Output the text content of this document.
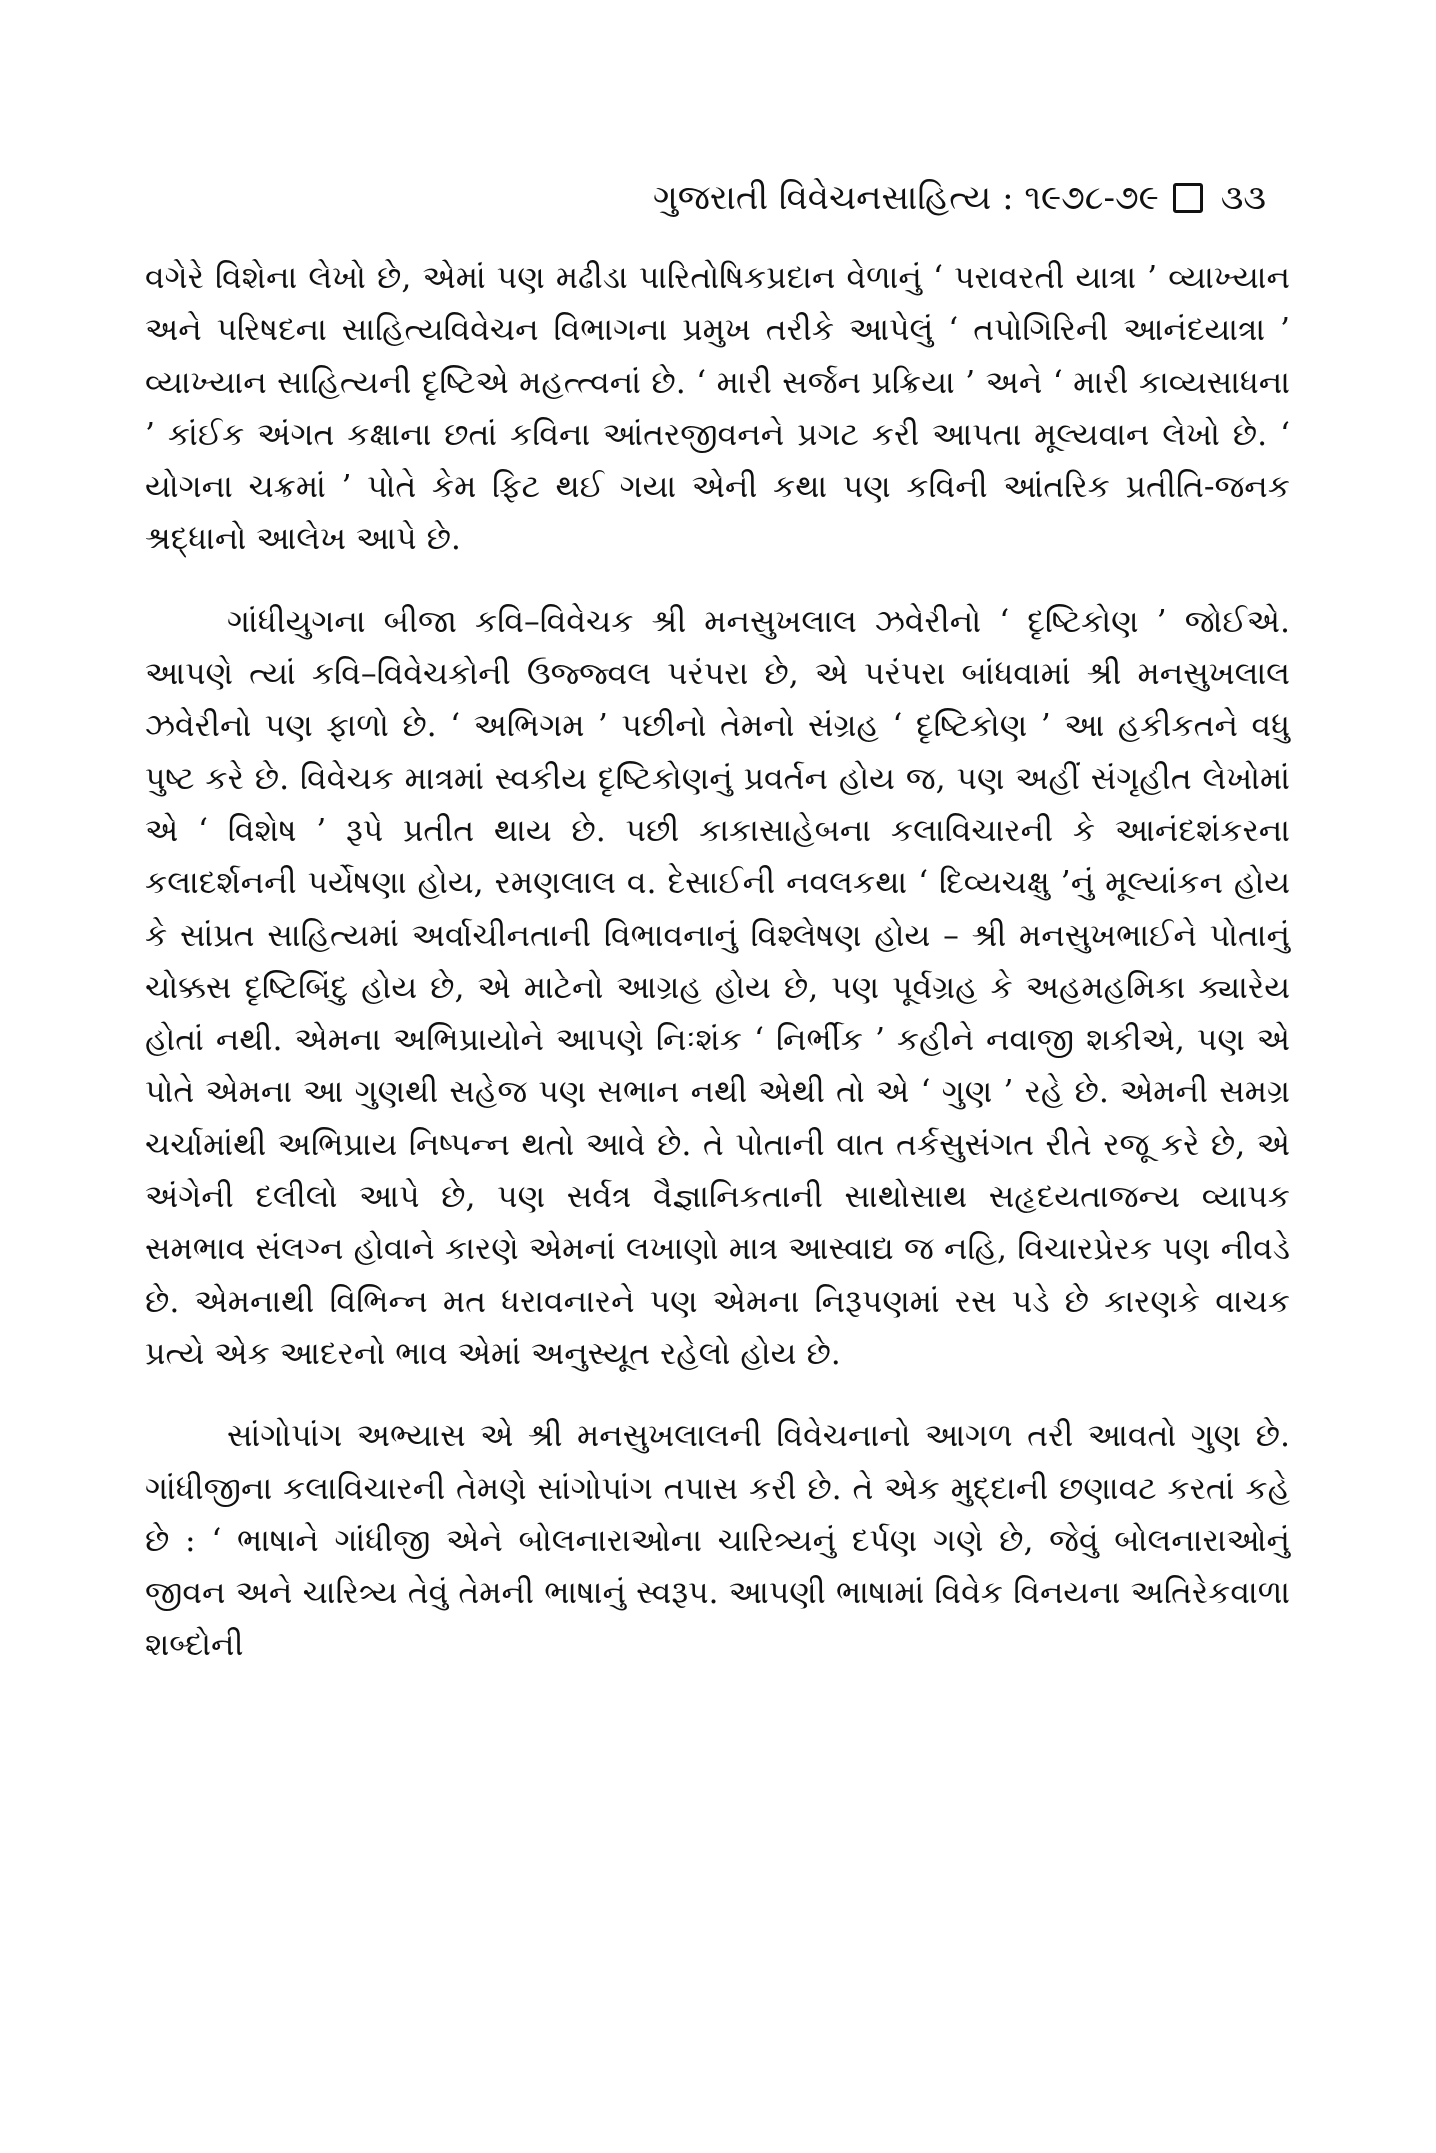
ગુજરાતી વિવેચનસાહિત્ય : ૧૯૭૮-૭૯ ૩૩

વગેરે વિશેના લેખો છે, એમાં પણ મઢીડા પારિતોષિકપ્રદાન વેળાનું ‘ પરાવરતી યાત્રા ’ વ્યાખ્યાન અને પરિષદના સાહિત્યવિવેચન વિભાગના પ્રમુખ તરીકે આપેલું ‘ તપોગિરિની આનંદયાત્રા ’ વ્યાખ્યાન સાહિત્યની દૃષ્ટિએ મહત્ત્વનાં છે. ‘ મારી સર્જન પ્રક્રિયા ’ અને ‘ મારી કાવ્યસાધના ’ કાંઈક અંગત કક્ષાના છતાં કવિના આંતરજીવનને પ્રગટ કરી આપતા મૂલ્યવાન લેખો છે. ‘ યોગના ચક્રમાં ’ પોતે કેમ ફિટ થઈ ગયા એની કથા પણ કવિની આંતરિક પ્રતીતિ-જનક શ્રદ્ધાનો આલેખ આપે છે.

ગાંધીયુગના બીજા કવિ–વિવેચક શ્રી મનસુખલાલ ઝવેરીનો ‘ દૃષ્ટિકોણ ’ જોઈએ. આપણે ત્યાં કવિ–વિવેચકોની ઉજ્જ્વલ પરંપરા છે, એ પરંપરા બાંધવામાં શ્રી મનસુખલાલ ઝવેરીનો પણ ફાળો છે. ‘ અભિગમ ’ પછીનો તેમનો સંગ્રહ ‘ દૃષ્ટિકોણ ’ આ હકીકતને વધુ પુષ્ટ કરે છે. વિવેચક માત્રમાં સ્વકીય દૃષ્ટિકોણનું પ્રવર્તન હોય જ, પણ અહીં સંગૃહીત લેખોમાં એ ‘ વિશેષ ’ રૂપે પ્રતીત થાય છે. પછી કાકાસાહેબના કલાવિચારની કે આનંદશંકરના કલાદર્શનની પર્યેષણા હોય, રમણલાલ વ. દેસાઈની નવલકથા ‘ દિવ્યચક્ષુ ’નું મૂલ્યાંકન હોય કે સાંપ્રત સાહિત્યમાં અર્વાચીનતાની વિભાવનાનું વિશ્લેષણ હોય – શ્રી મનસુખભાઈને પોતાનું ચોક્કસ દૃષ્ટિબિંદુ હોય છે, એ માટેનો આગ્રહ હોય છે, પણ પૂર્વગ્રહ કે અહમહમિકા ક્યારેય હોતાં નથી. એમના અભિપ્રાયોને આપણે નિઃશંક ‘ નિર્ભીક ’ કહીને નવાજી શકીએ, પણ એ પોતે એમના આ ગુણથી સહેજ પણ સભાન નથી એથી તો એ ‘ ગુણ ’ રહે છે. એમની સમગ્ર ચર્ચામાંથી અભિપ્રાય નિષ્પન્ન થતો આવે છે. તે પોતાની વાત તર્કસુસંગત રીતે રજૂ કરે છે, એ અંગેની દલીલો આપે છે, પણ સર્વત્ર વૈજ્ઞાનિકતાની સાથોસાથ સહૃદયતાજન્ય વ્યાપક સમભાવ સંલગ્ન હોવાને કારણે એમનાં લખાણો માત્ર આસ્વાદ્ય જ નહિ, વિચારપ્રેરક પણ નીવડે છે. એમનાથી વિભિન્ન મત ધરાવનારને પણ એમના નિરૂપણમાં રસ પડે છે કારણકે વાચક પ્રત્યે એક આદરનો ભાવ એમાં અનુસ્યૂત રહેલો હોય છે.

સાંગોપાંગ અભ્યાસ એ શ્રી મનસુખલાલની વિવેચનાનો આગળ તરી આવતો ગુણ છે. ગાંધીજીના કલાવિચારની તેમણે સાંગોપાંગ તપાસ કરી છે. તે એક મુદ્દાની છણાવટ કરતાં કહે છે : ‘ ભાષાને ગાંધીજી એને બોલનારાઓના ચારિત્ર્યનું દર્પણ ગણે છે, જેવું બોલનારાઓનું જીવન અને ચારિત્ર્ય તેવું તેમની ભાષાનું સ્વરૂપ. આપણી ભાષામાં વિવેક વિનયના અતિરેકવાળા શબ્દોની
